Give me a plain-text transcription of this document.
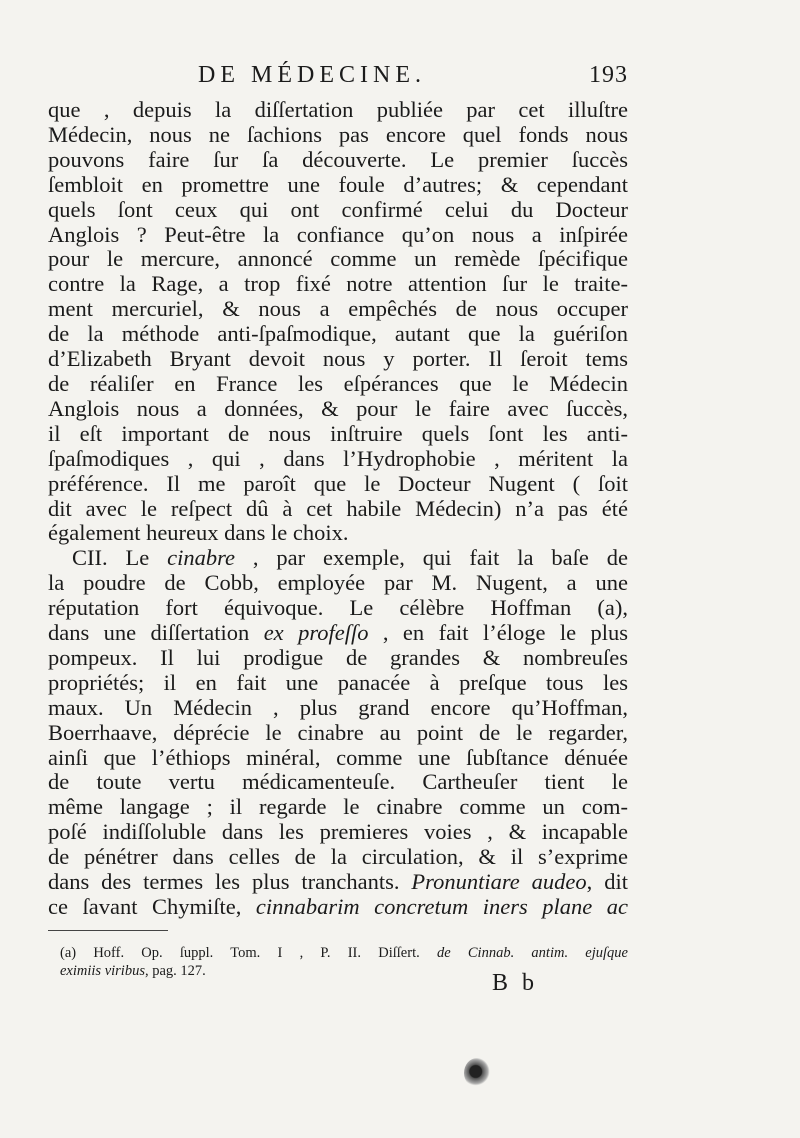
DE MÉDECINE.	193
que , depuis la diſſertation publiée par cet illuſtre
Médecin, nous ne ſachions pas encore quel fonds nous
pouvons faire ſur ſa découverte. Le premier ſuccès
ſembloit en promettre une foule d’autres; & cependant
quels ſont ceux qui ont confirmé celui du Docteur
Anglois ? Peut-être la confiance qu’on nous a inſpirée
pour le mercure, annoncé comme un remède ſpécifique
contre la Rage, a trop fixé notre attention ſur le traite-
ment mercuriel, & nous a empêchés de nous occuper
de la méthode anti-ſpaſmodique, autant que la guériſon
d’Elizabeth Bryant devoit nous y porter. Il ſeroit tems
de réaliſer en France les eſpérances que le Médecin
Anglois nous a données, & pour le faire avec ſuccès,
il eſt important de nous inſtruire quels ſont les anti-
ſpaſmodiques , qui , dans l’Hydrophobie , méritent la
préférence. Il me paroît que le Docteur Nugent ( ſoit
dit avec le reſpect dû à cet habile Médecin) n’a pas été
également heureux dans le choix.
CII. Le cinabre , par exemple, qui fait la baſe de
la poudre de Cobb, employée par M. Nugent, a une
réputation fort équivoque. Le célèbre Hoffman (a),
dans une diſſertation ex profeſſo , en fait l’éloge le plus
pompeux. Il lui prodigue de grandes & nombreuſes
propriétés; il en fait une panacée à preſque tous les
maux. Un Médecin , plus grand encore qu’Hoffman,
Boerrhaave, déprécie le cinabre au point de le regarder,
ainſi que l’éthiops minéral, comme une ſubſtance dénuée
de toute vertu médicamenteuſe. Cartheuſer tient le
même langage ; il regarde le cinabre comme un com-
poſé indiſſoluble dans les premieres voies , & incapable
de pénétrer dans celles de la circulation, & il s’exprime
dans des termes les plus tranchants. Pronuntiare audeo, dit
ce ſavant Chymiſte, cinnabarim concretum iners plane ac
(a) Hoff. Op. ſuppl. Tom. I , P. II. Diſſert. de Cinnab. antim. ejuſque
eximiis viribus, pag. 127.	B b
